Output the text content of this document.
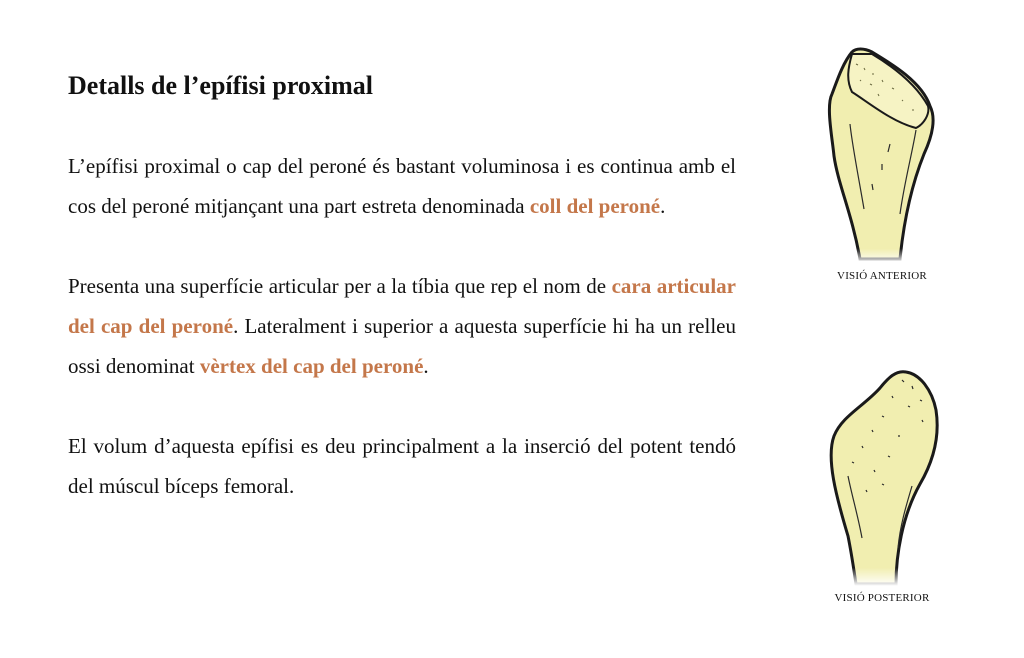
Detalls de l’epífisi proximal

L’epífisi proximal o cap del peroné és bastant voluminosa i es continua amb el cos del peroné mitjançant una part estreta denominada coll del peroné.

Presenta una superfície articular per a la tíbia que rep el nom de cara articular del cap del peroné. Lateralment i superior a aquesta superfície hi ha un relleu ossi denominat vèrtex del cap del peroné.

El volum d’aquesta epífisi es deu principalment a la inserció del potent tendó del múscul bíceps femoral.

VISIÓ ANTERIOR
VISIÓ POSTERIOR
